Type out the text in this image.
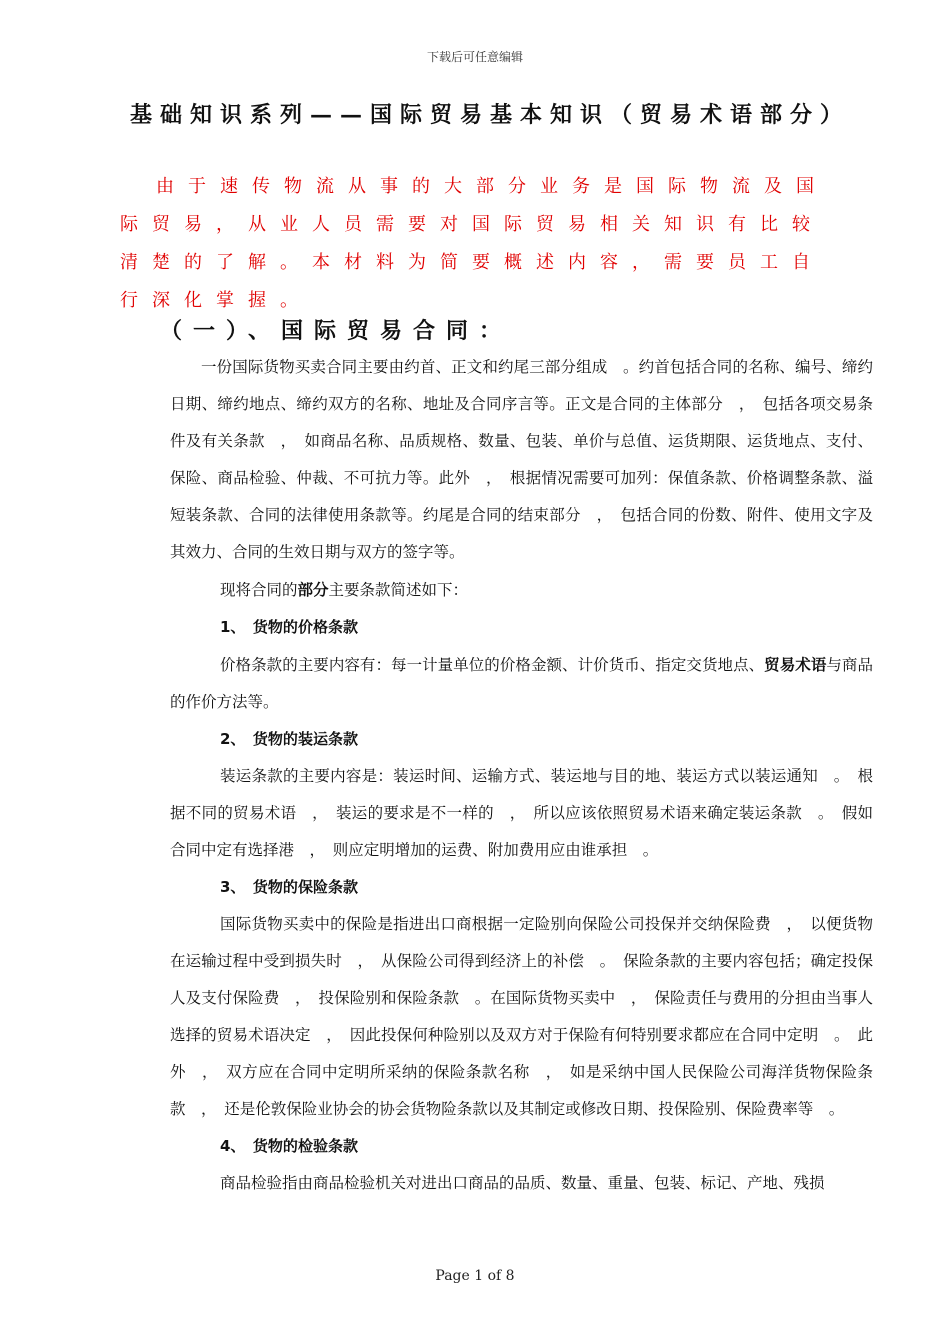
下载后可任意编辑
基础知识系列——国际贸易基本知识（贸易术语部分）
由于速传物流从事的大部分业务是国际物流及国际贸易，从业人员需要对国际贸易相关知识有比较清楚的了解。本材料为简要概述内容，需要员工自行深化掌握。
（一）、国际贸易合同：

一份国际货物买卖合同主要由约首、正文和约尾三部分组成　。约首包括合同的名称、编号、缔约日期、缔约地点、缔约双方的名称、地址及合同序言等。正文是合同的主体部分　，　包括各项交易条件及有关条款　，　如商品名称、品质规格、数量、包装、单价与总值、运货期限、运货地点、支付、保险、商品检验、仲裁、不可抗力等。此外　，　根据情况需要可加列：保值条款、价格调整条款、溢短装条款、合同的法律使用条款等。约尾是合同的结束部分　，　包括合同的份数、附件、使用文字及其效力、合同的生效日期与双方的签字等。

现将合同的部分主要条款简述如下：

1、　货物的价格条款

价格条款的主要内容有：每一计量单位的价格金额、计价货币、指定交货地点、贸易术语与商品的作价方法等。

2、　货物的装运条款

装运条款的主要内容是：装运时间、运输方式、装运地与目的地、装运方式以装运通知　。　根据不同的贸易术语　，　装运的要求是不一样的　，　所以应该依照贸易术语来确定装运条款　。　假如合同中定有选择港　，　则应定明增加的运费、附加费用应由谁承担　。

3、　货物的保险条款

国际货物买卖中的保险是指进出口商根据一定险别向保险公司投保并交纳保险费　，　以便货物在运输过程中受到损失时　，　从保险公司得到经济上的补偿　。　保险条款的主要内容包括；确定投保人及支付保险费　，　投保险别和保险条款　。在国际货物买卖中　，　保险责任与费用的分担由当事人选择的贸易术语决定　，　因此投保何种险别以及双方对于保险有何特别要求都应在合同中定明　。　此外　，　双方应在合同中定明所采纳的保险条款名称　，　如是采纳中国人民保险公司海洋货物保险条款　，　还是伦敦保险业协会的协会货物险条款以及其制定或修改日期、投保险别、保险费率等　。

4、　货物的检验条款

商品检验指由商品检验机关对进出口商品的品质、数量、重量、包装、标记、产地、残损

Page 1 of 8
